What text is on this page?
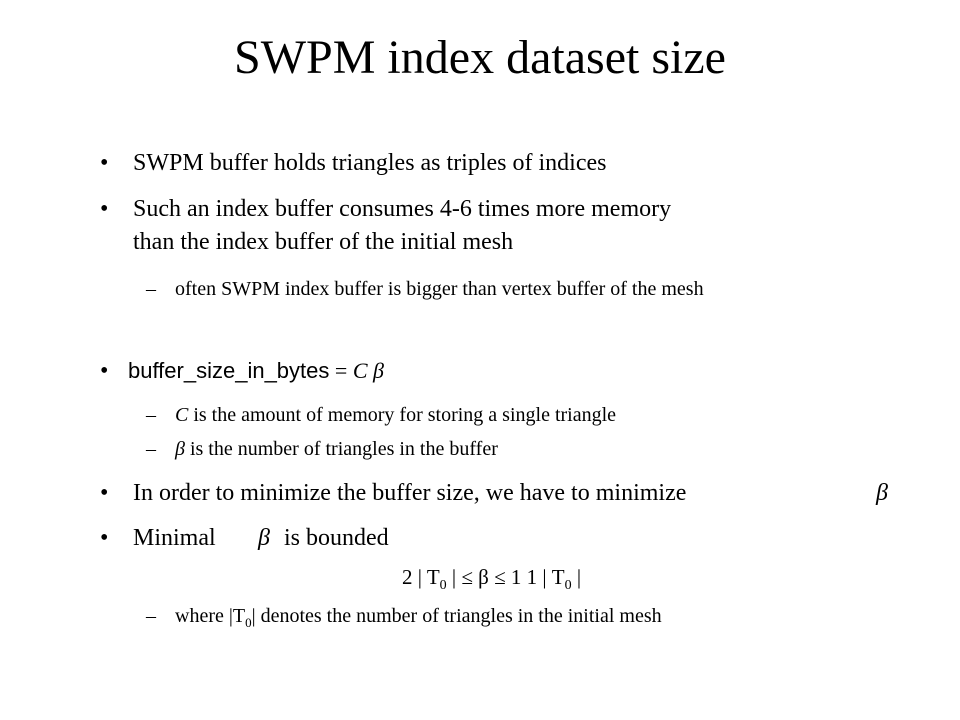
SWPM index dataset size
• SWPM buffer holds triangles as triples of indices
• Such an index buffer consumes 4-6 times more memory
than the index buffer of the initial mesh
– often SWPM index buffer is bigger than vertex buffer of the mesh
• buffer_size_in_bytes = C β
– C is the amount of memory for storing a single triangle
– β is the number of triangles in the buffer
• In order to minimize the buffer size, we have to minimize	β
• Minimal β is bounded
2 | $T_0$ | ≤ β ≤ 1 1 | $T_0$ |
– where $|T_0|$ denotes the number of triangles in the initial mesh
